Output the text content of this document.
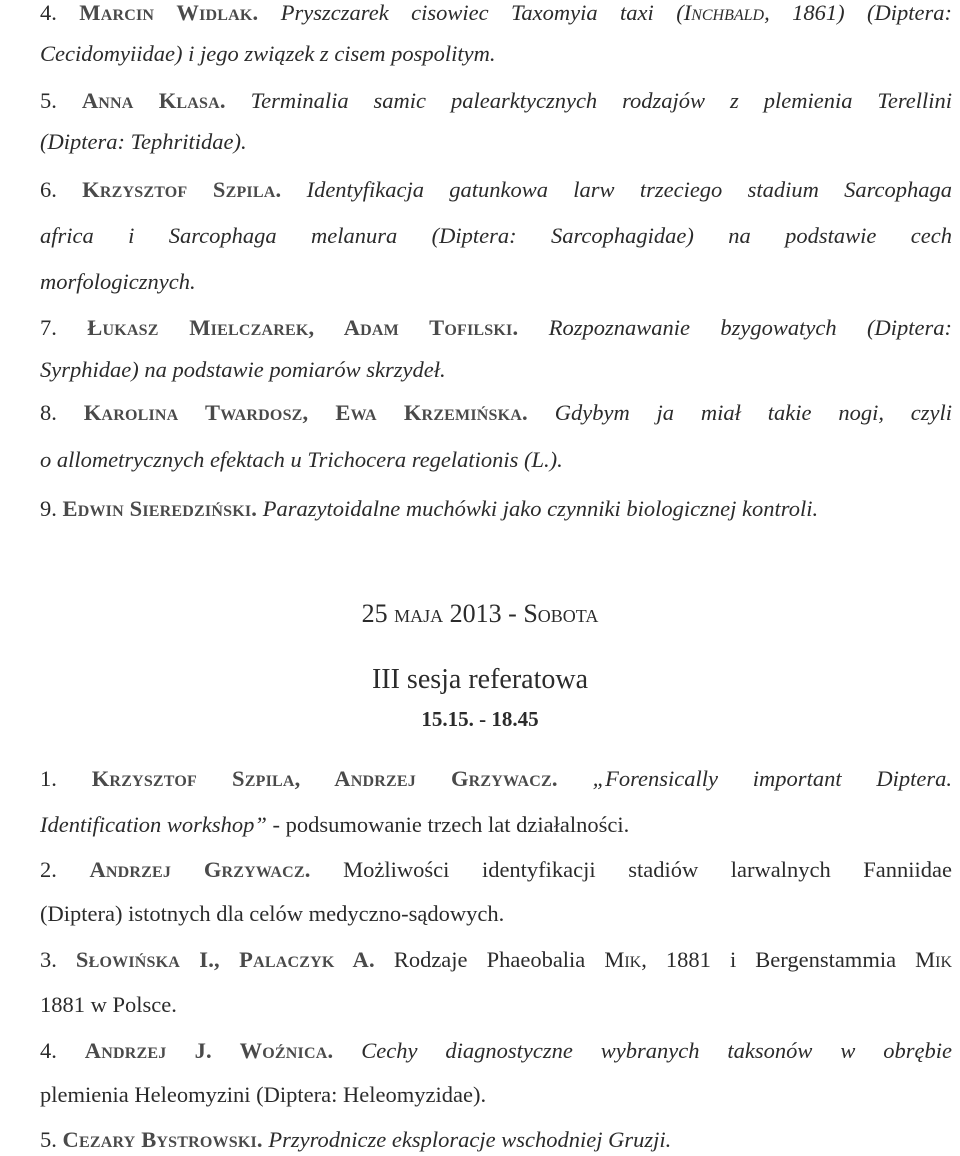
4. Marcin Widlak. Pryszczarek cisowiec Taxomyia taxi (Inchbald, 1861) (Diptera:
Cecidomyiidae) i jego związek z cisem pospolitym.
5. Anna Klasa. Terminalia samic palearktycznych rodzajów z plemienia Terellini
(Diptera: Tephritidae).
6. Krzysztof Szpila. Identyfikacja gatunkowa larw trzeciego stadium Sarcophaga
africa i Sarcophaga melanura (Diptera: Sarcophagidae) na podstawie cech
morfologicznych.
7. Łukasz Mielczarek, Adam Tofilski. Rozpoznawanie bzygowatych (Diptera:
Syrphidae) na podstawie pomiarów skrzydeł.
8. Karolina Twardosz, Ewa Krzemińska. Gdybym ja miał takie nogi, czyli
o allometrycznych efektach u Trichocera regelationis (L.).
9. Edwin Sieredziński. Parazytoidalne muchówki jako czynniki biologicznej kontroli.
25 maja 2013 - Sobota
III sesja referatowa
15.15. - 18.45
1. Krzysztof Szpila, Andrzej Grzywacz. „Forensically important Diptera.
Identification workshop” - podsumowanie trzech lat działalności.
2. Andrzej Grzywacz. Możliwości identyfikacji stadiów larwalnych Fanniidae
(Diptera) istotnych dla celów medyczno-sądowych.
3. Słowińska I., Palaczyk A. Rodzaje Phaeobalia Mik, 1881 i Bergenstammia Mik
1881 w Polsce.
4. Andrzej J. Woźnica. Cechy diagnostyczne wybranych taksonów w obrębie
plemienia Heleomyzini (Diptera: Heleomyzidae).
5. Cezary Bystrowski. Przyrodnicze eksploracje wschodniej Gruzji.
